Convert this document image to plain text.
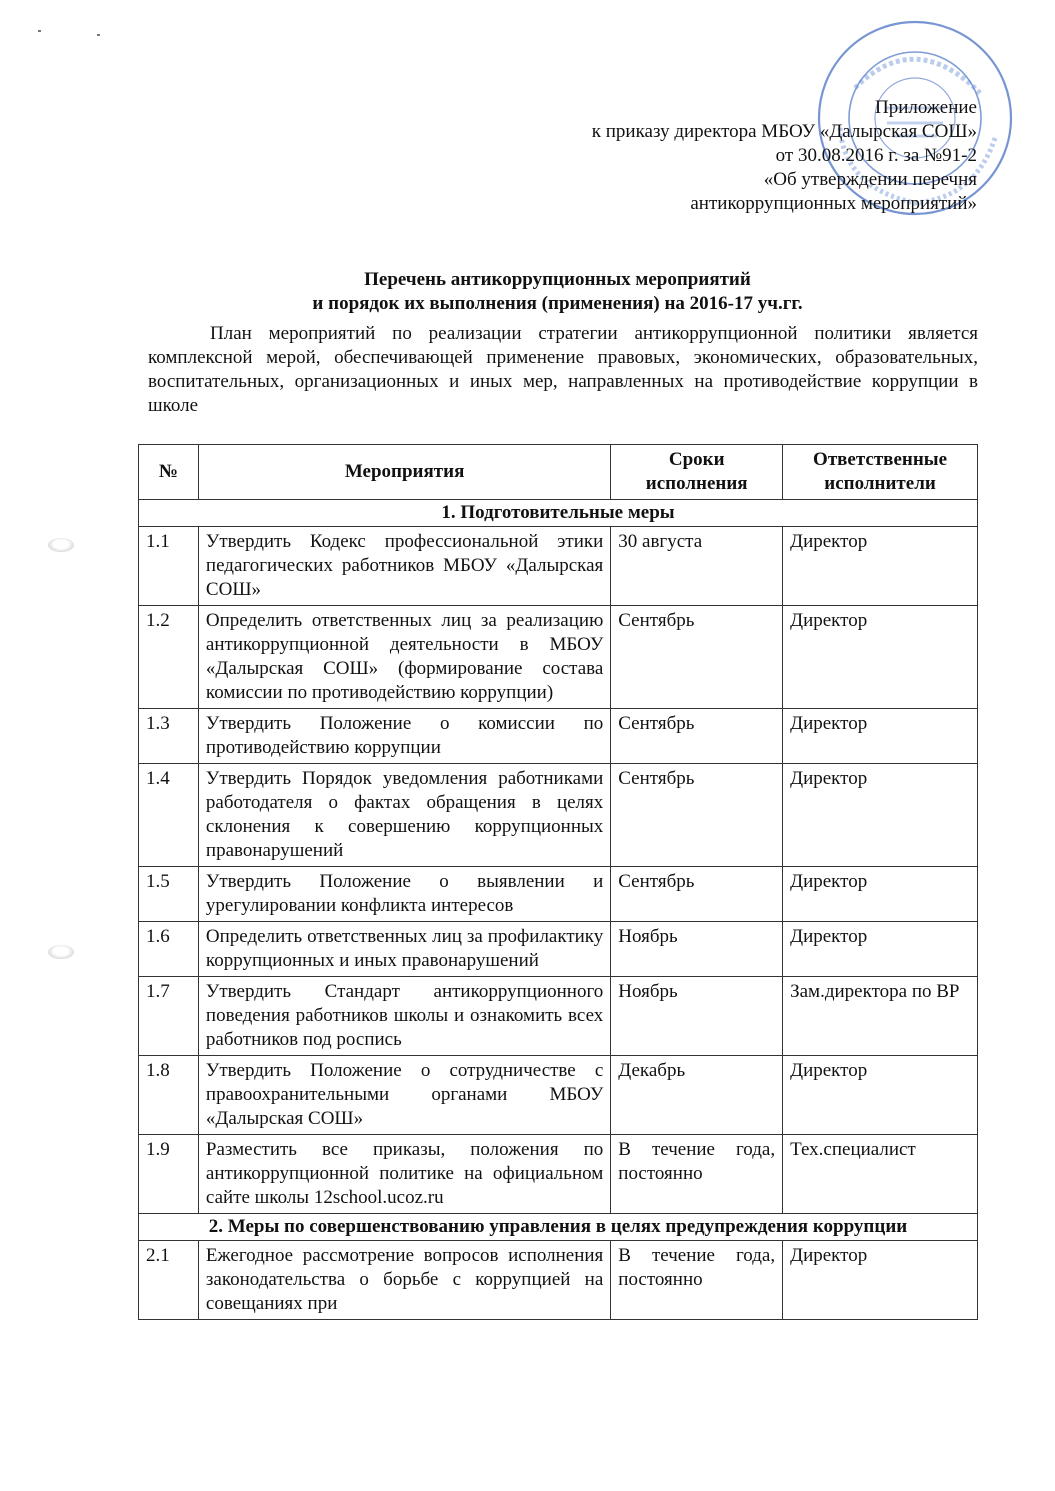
Приложение
к приказу директора МБОУ «Далырская СОШ»
от 30.08.2016 г. за №91-2
«Об утверждении перечня
антикоррупционных мероприятий»
Перечень антикоррупционных мероприятий
и порядок их выполнения (применения) на 2016-17 уч.гг.
План мероприятий по реализации стратегии антикоррупционной политики является комплексной мерой, обеспечивающей применение правовых, экономических, образовательных, воспитательных, организационных и иных мер, направленных на противодействие коррупции в школе
№	Мероприятия	Сроки исполнения	Ответственные исполнители
1. Подготовительные меры			
1.1	Утвердить Кодекс профессиональной этики педагогических работников МБОУ «Далырская СОШ»	30 августа	Директор
1.2	Определить ответственных лиц за реализацию антикоррупционной деятельности в МБОУ «Далырская СОШ» (формирование состава комиссии по противодействию коррупции)	Сентябрь	Директор
1.3	Утвердить Положение о комиссии по противодействию коррупции	Сентябрь	Директор
1.4	Утвердить Порядок уведомления работниками работодателя о фактах обращения в целях склонения к совершению коррупционных правонарушений	Сентябрь	Директор
1.5	Утвердить Положение о выявлении и урегулировании конфликта интересов	Сентябрь	Директор
1.6	Определить ответственных лиц за профилактику коррупционных и иных правонарушений	Ноябрь	Директор
1.7	Утвердить Стандарт антикоррупционного поведения работников школы и ознакомить всех работников под роспись	Ноябрь	Зам.директора по ВР
1.8	Утвердить Положение о сотрудничестве с правоохранительными органами МБОУ «Далырская СОШ»	Декабрь	Директор
1.9	Разместить все приказы, положения по антикоррупционной политике на официальном сайте школы 12school.ucoz.ru	В течение года, постоянно	Тех.специалист
2. Меры по совершенствованию управления в целях предупреждения коррупции			
2.1	Ежегодное рассмотрение вопросов исполнения законодательства о борьбе с коррупцией на совещаниях при	В течение года, постоянно	Директор
